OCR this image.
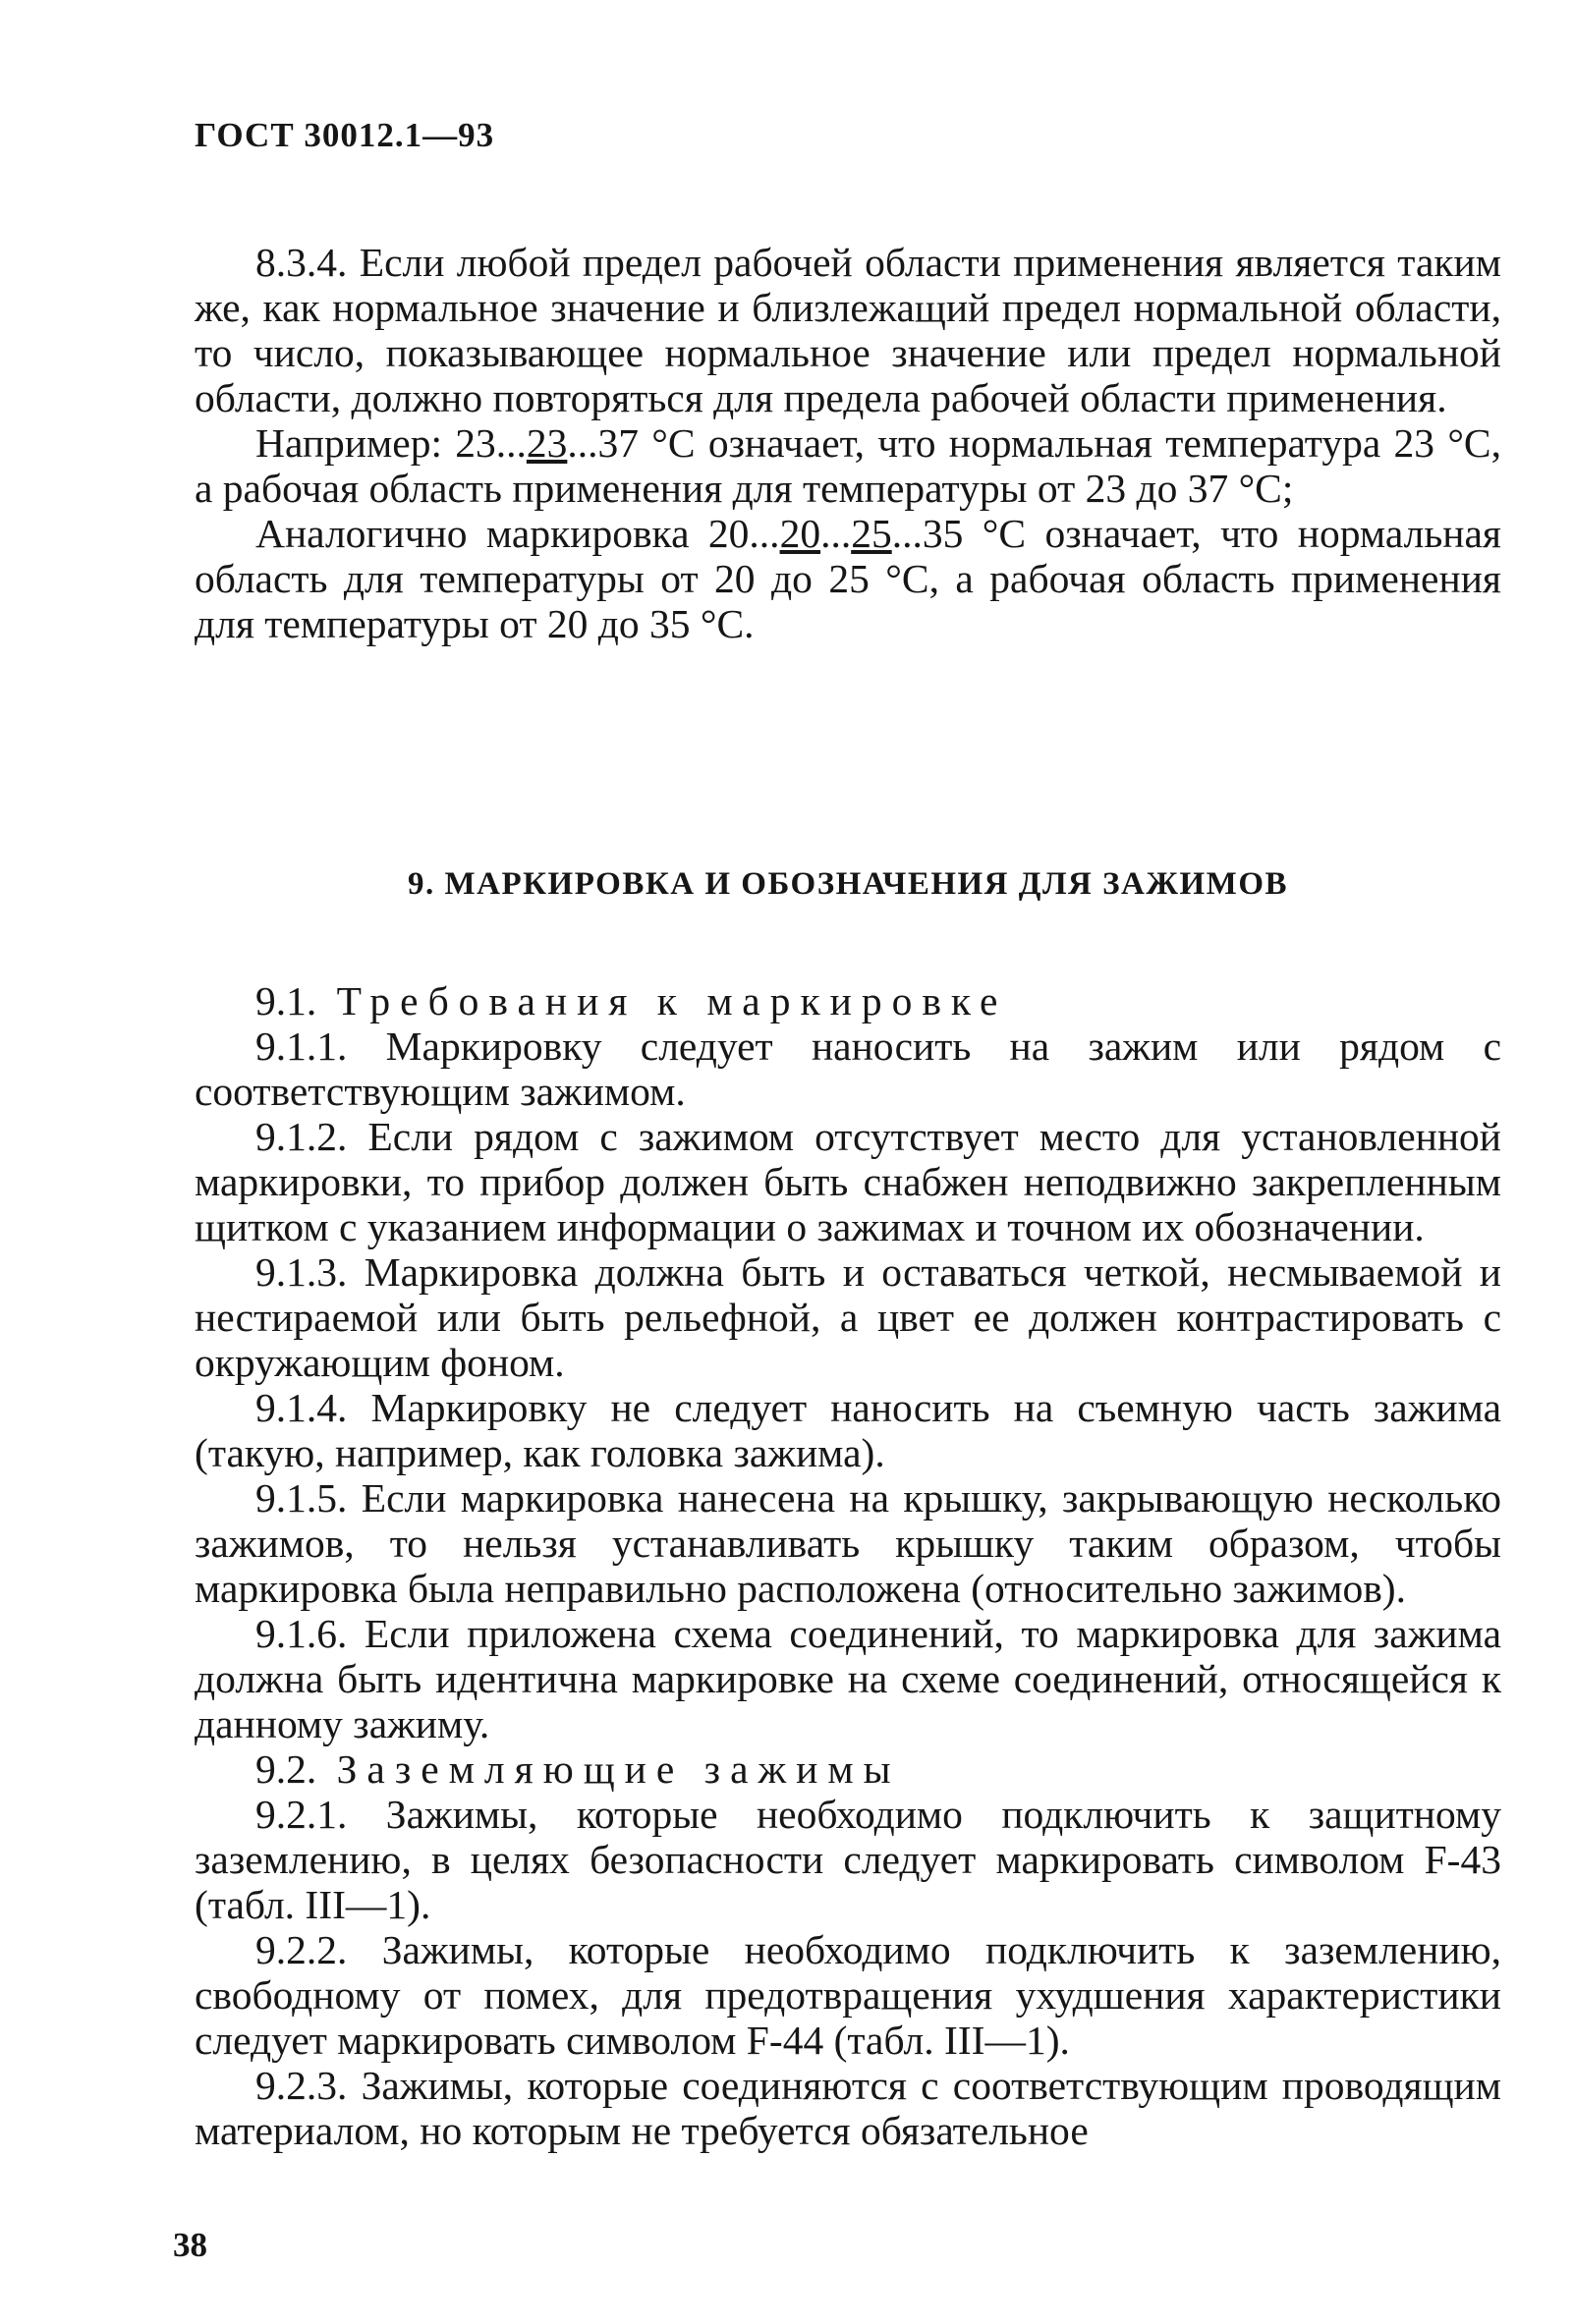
ГОСТ 30012.1—93

8.3.4. Если любой предел рабочей области применения является таким же, как нормальное значение и близлежащий предел нормальной области, то число, показывающее нормальное значение или предел нормальной области, должно повторяться для предела рабочей области применения.

Например: 23...23...37 °С означает, что нормальная температура 23 °С, а рабочая область применения для температуры от 23 до 37 °С;

Аналогично маркировка 20...20...25...35 °С означает, что нормальная область для температуры от 20 до 25 °С, а рабочая область применения для температуры от 20 до 35 °С.

9. МАРКИРОВКА И ОБОЗНАЧЕНИЯ ДЛЯ ЗАЖИМОВ

9.1. Требования к маркировке

9.1.1. Маркировку следует наносить на зажим или рядом с соответствующим зажимом.

9.1.2. Если рядом с зажимом отсутствует место для установленной маркировки, то прибор должен быть снабжен неподвижно закрепленным щитком с указанием информации о зажимах и точном их обозначении.

9.1.3. Маркировка должна быть и оставаться четкой, несмываемой и нестираемой или быть рельефной, а цвет ее должен контрастировать с окружающим фоном.

9.1.4. Маркировку не следует наносить на съемную часть зажима (такую, например, как головка зажима).

9.1.5. Если маркировка нанесена на крышку, закрывающую несколько зажимов, то нельзя устанавливать крышку таким образом, чтобы маркировка была неправильно расположена (относительно зажимов).

9.1.6. Если приложена схема соединений, то маркировка для зажима должна быть идентична маркировке на схеме соединений, относящейся к данному зажиму.

9.2. Заземляющие зажимы

9.2.1. Зажимы, которые необходимо подключить к защитному заземлению, в целях безопасности следует маркировать символом F-43 (табл. III—1).

9.2.2. Зажимы, которые необходимо подключить к заземлению, свободному от помех, для предотвращения ухудшения характеристики следует маркировать символом F-44 (табл. III—1).

9.2.3. Зажимы, которые соединяются с соответствующим проводящим материалом, но которым не требуется обязательное

38
